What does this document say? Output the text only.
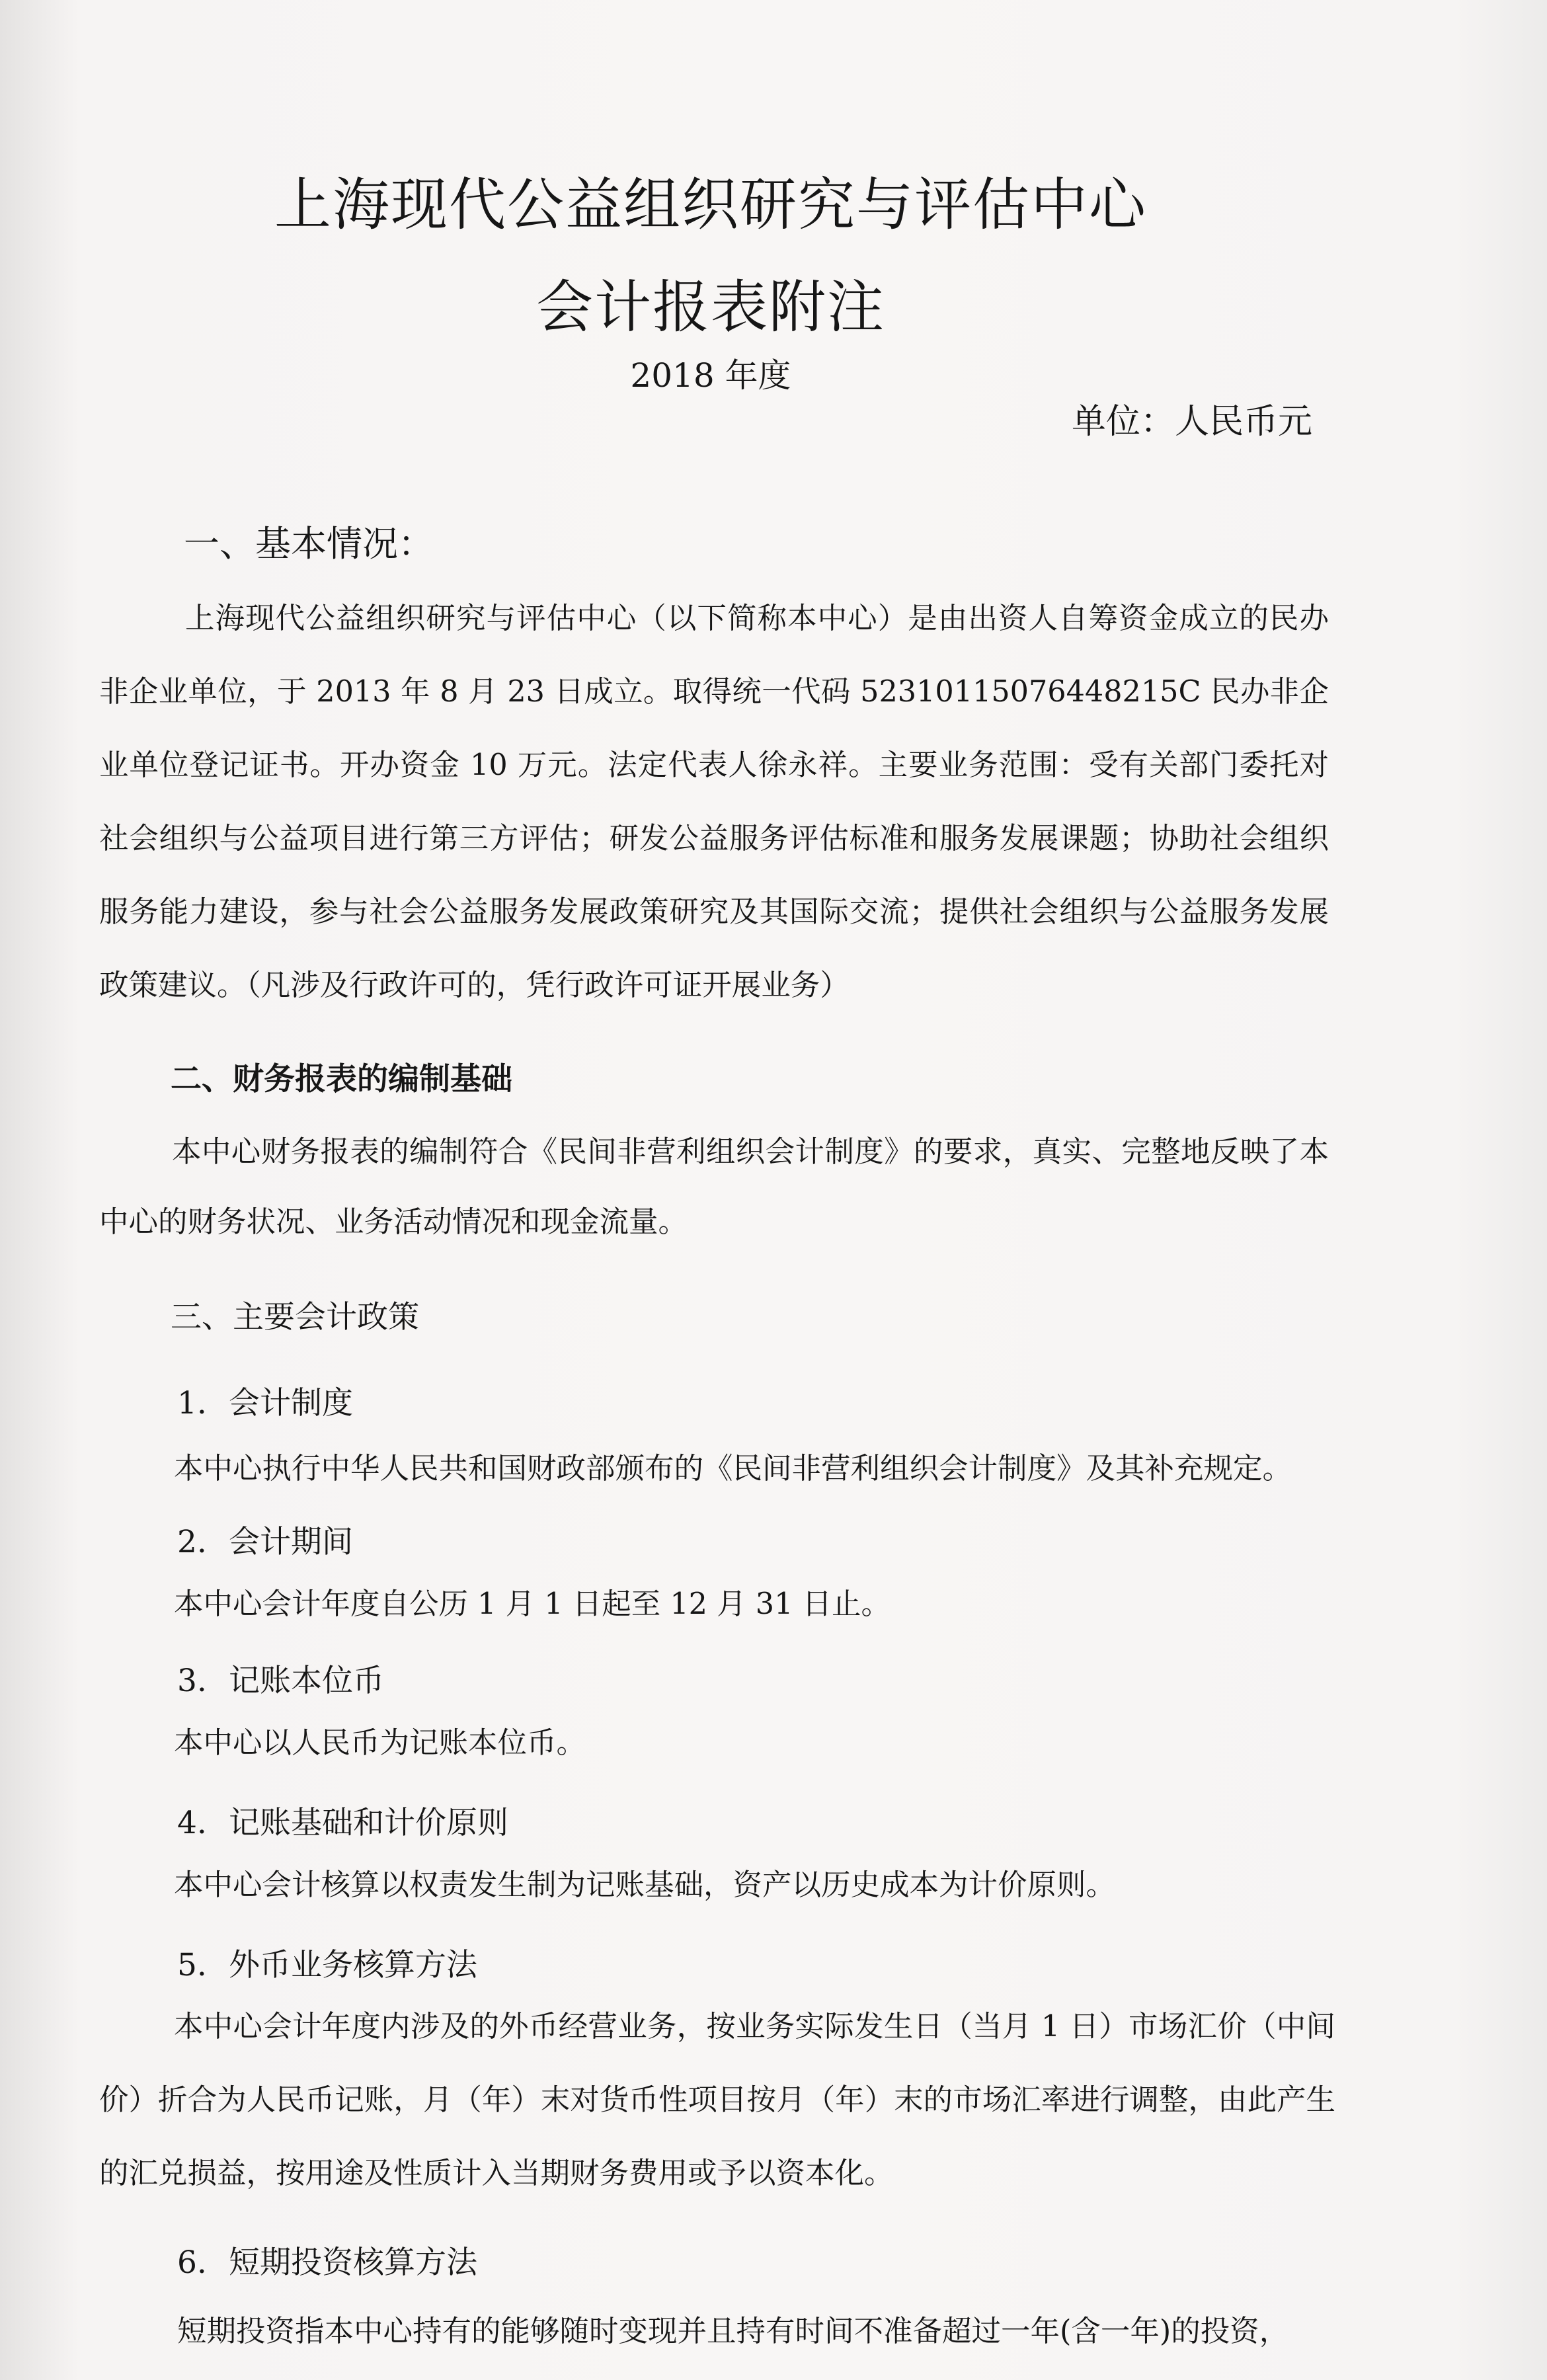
上海现代公益组织研究与评估中心
会计报表附注
2018 年度
单位：人民币元
一、基本情况：

上海现代公益组织研究与评估中心（以下简称本中心）是由出资人自筹资金成立的民办非企业单位，于 2013 年 8 月 23 日成立。取得统一代码 52310115076448215C 民办非企业单位登记证书。开办资金 10 万元。法定代表人徐永祥。主要业务范围：受有关部门委托对社会组织与公益项目进行第三方评估；研发公益服务评估标准和服务发展课题；协助社会组织服务能力建设，参与社会公益服务发展政策研究及其国际交流；提供社会组织与公益服务发展政策建议。（凡涉及行政许可的，凭行政许可证开展业务）

二、财务报表的编制基础

本中心财务报表的编制符合《民间非营利组织会计制度》的要求，真实、完整地反映了本中心的财务状况、业务活动情况和现金流量。

三、主要会计政策
1. 会计制度

本中心执行中华人民共和国财政部颁布的《民间非营利组织会计制度》及其补充规定。

2. 会计期间

本中心会计年度自公历 1 月 1 日起至 12 月 31 日止。

3. 记账本位币

本中心以人民币为记账本位币。

4. 记账基础和计价原则

本中心会计核算以权责发生制为记账基础，资产以历史成本为计价原则。

5. 外币业务核算方法

本中心会计年度内涉及的外币经营业务，按业务实际发生日（当月 1 日）市场汇价（中间价）折合为人民币记账，月（年）末对货币性项目按月（年）末的市场汇率进行调整，由此产生的汇兑损益，按用途及性质计入当期财务费用或予以资本化。

6. 短期投资核算方法

短期投资指本中心持有的能够随时变现并且持有时间不准备超过一年(含一年)的投资，
